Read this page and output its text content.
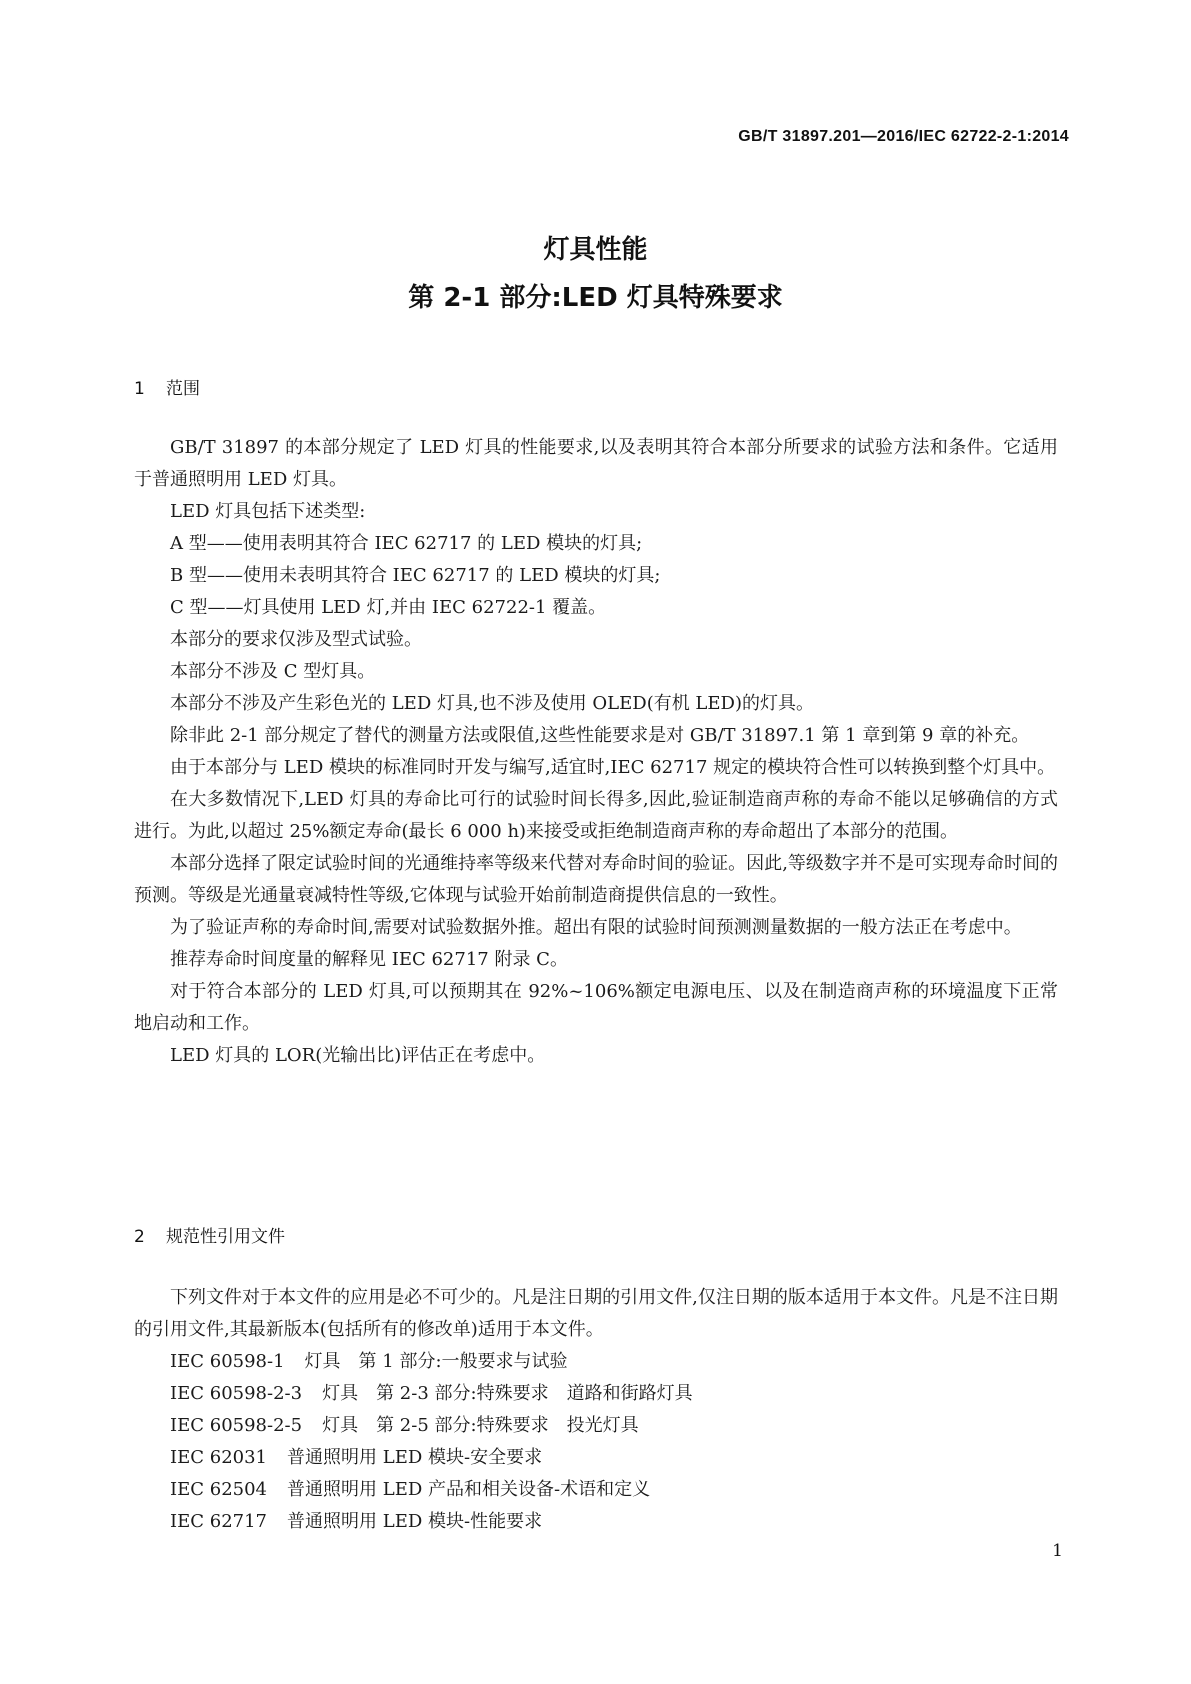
GB/T 31897.201—2016/IEC 62722-2-1:2014
灯具性能
第 2-1 部分:LED 灯具特殊要求
1 范围

GB/T 31897 的本部分规定了 LED 灯具的性能要求,以及表明其符合本部分所要求的试验方法和条件。它适用于普通照明用 LED 灯具。

LED 灯具包括下述类型:

A 型——使用表明其符合 IEC 62717 的 LED 模块的灯具;

B 型——使用未表明其符合 IEC 62717 的 LED 模块的灯具;

C 型——灯具使用 LED 灯,并由 IEC 62722-1 覆盖。

本部分的要求仅涉及型式试验。

本部分不涉及 C 型灯具。

本部分不涉及产生彩色光的 LED 灯具,也不涉及使用 OLED(有机 LED)的灯具。

除非此 2-1 部分规定了替代的测量方法或限值,这些性能要求是对 GB/T 31897.1 第 1 章到第 9 章的补充。

由于本部分与 LED 模块的标准同时开发与编写,适宜时,IEC 62717 规定的模块符合性可以转换到整个灯具中。

在大多数情况下,LED 灯具的寿命比可行的试验时间长得多,因此,验证制造商声称的寿命不能以足够确信的方式进行。为此,以超过 25%额定寿命(最长 6 000 h)来接受或拒绝制造商声称的寿命超出了本部分的范围。

本部分选择了限定试验时间的光通维持率等级来代替对寿命时间的验证。因此,等级数字并不是可实现寿命时间的预测。等级是光通量衰减特性等级,它体现与试验开始前制造商提供信息的一致性。

为了验证声称的寿命时间,需要对试验数据外推。超出有限的试验时间预测测量数据的一般方法正在考虑中。

推荐寿命时间度量的解释见 IEC 62717 附录 C。

对于符合本部分的 LED 灯具,可以预期其在 92%~106%额定电源电压、以及在制造商声称的环境温度下正常地启动和工作。

LED 灯具的 LOR(光输出比)评估正在考虑中。

2 规范性引用文件

下列文件对于本文件的应用是必不可少的。凡是注日期的引用文件,仅注日期的版本适用于本文件。凡是不注日期的引用文件,其最新版本(包括所有的修改单)适用于本文件。

IEC 60598-1 灯具　第 1 部分:一般要求与试验
IEC 60598-2-3 灯具　第 2-3 部分:特殊要求　道路和街路灯具
IEC 60598-2-5 灯具　第 2-5 部分:特殊要求　投光灯具
IEC 62031 普通照明用 LED 模块-安全要求
IEC 62504 普通照明用 LED 产品和相关设备-术语和定义
IEC 62717 普通照明用 LED 模块-性能要求
1
